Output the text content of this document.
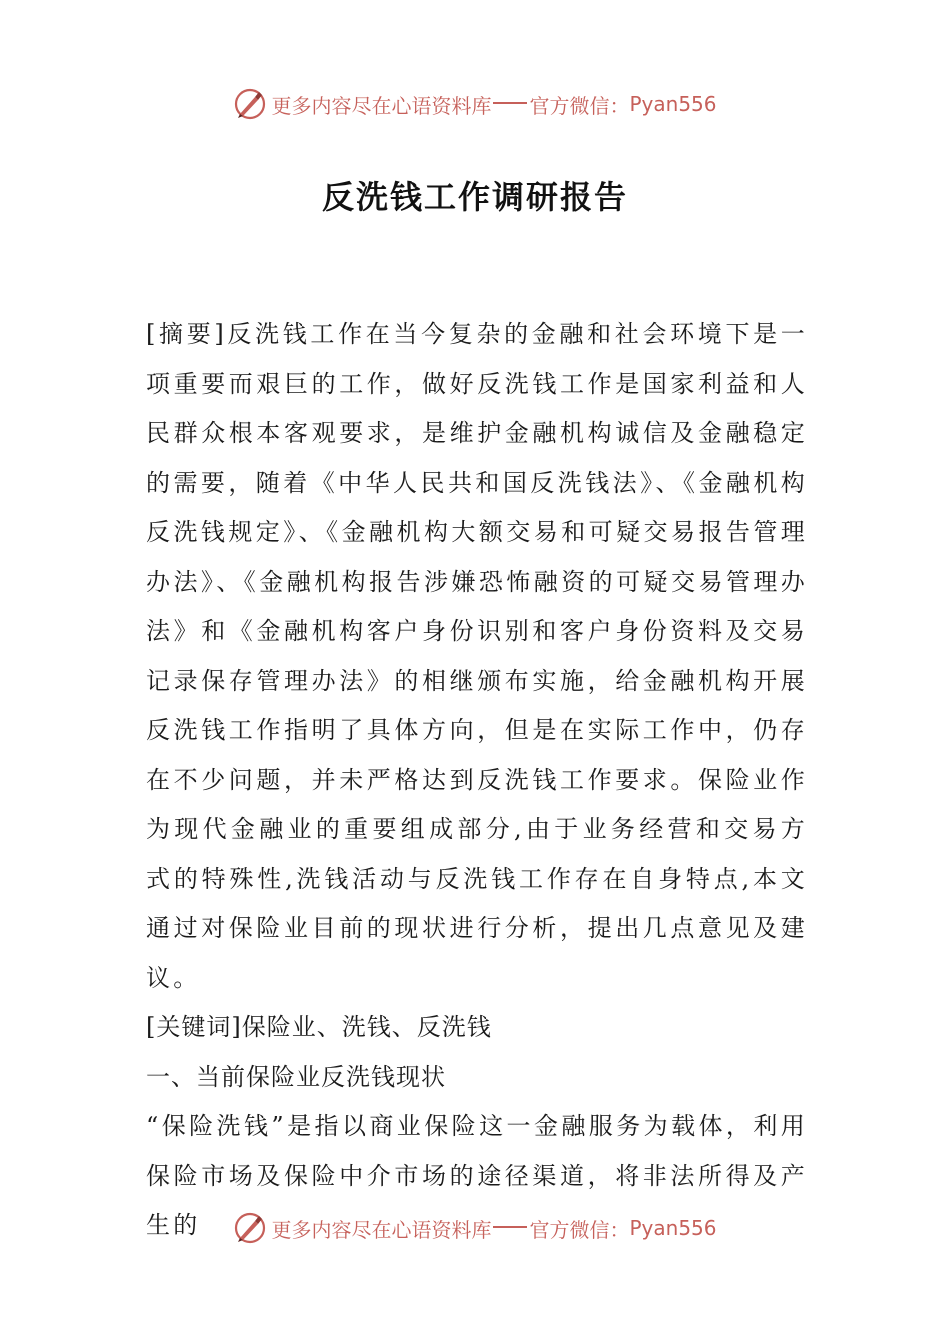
更多内容尽在心语资料库 官方微信： Pyan556
反洗钱工作调研报告

[摘要]反洗钱工作在当今复杂的金融和社会环境下是一项重要而艰巨的工作，做好反洗钱工作是国家利益和人民群众根本客观要求，是维护金融机构诚信及金融稳定的需要，随着《中华人民共和国反洗钱法》、《金融机构反洗钱规定》、《金融机构大额交易和可疑交易报告管理办法》、《金融机构报告涉嫌恐怖融资的可疑交易管理办法》和《金融机构客户身份识别和客户身份资料及交易记录保存管理办法》的相继颁布实施，给金融机构开展反洗钱工作指明了具体方向，但是在实际工作中，仍存在不少问题，并未严格达到反洗钱工作要求。保险业作为现代金融业的重要组成部分,由于业务经营和交易方式的特殊性,洗钱活动与反洗钱工作存在自身特点,本文通过对保险业目前的现状进行分析，提出几点意见及建议。

[关键词]保险业、洗钱、反洗钱

一、当前保险业反洗钱现状

“保险洗钱”是指以商业保险这一金融服务为载体，利用保险市场及保险中介市场的途径渠道，将非法所得及产生的	更多内容尽在心语资料库 官方微信： Pyan556
